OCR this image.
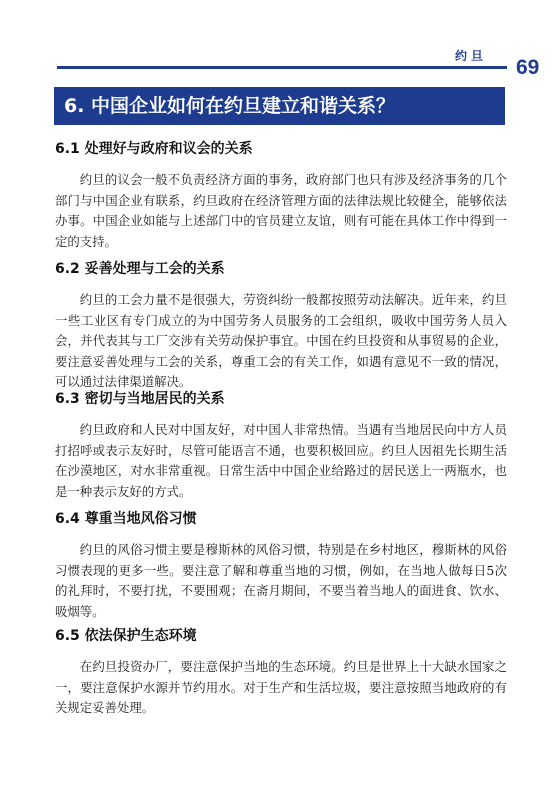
约旦 69
6. 中国企业如何在约旦建立和谐关系？
6.1 处理好与政府和议会的关系

约旦的议会一般不负责经济方面的事务，政府部门也只有涉及经济事务的几个部门与中国企业有联系，约旦政府在经济管理方面的法律法规比较健全，能够依法办事。中国企业如能与上述部门中的官员建立友谊，则有可能在具体工作中得到一定的支持。

6.2 妥善处理与工会的关系

约旦的工会力量不是很强大，劳资纠纷一般都按照劳动法解决。近年来，约旦一些工业区有专门成立的为中国劳务人员服务的工会组织，吸收中国劳务人员入会，并代表其与工厂交涉有关劳动保护事宜。中国在约旦投资和从事贸易的企业，要注意妥善处理与工会的关系，尊重工会的有关工作，如遇有意见不一致的情况，可以通过法律渠道解决。

6.3 密切与当地居民的关系

约旦政府和人民对中国友好，对中国人非常热情。当遇有当地居民向中方人员打招呼或表示友好时，尽管可能语言不通，也要积极回应。约旦人因祖先长期生活在沙漠地区，对水非常重视。日常生活中中国企业给路过的居民送上一两瓶水，也是一种表示友好的方式。

6.4 尊重当地风俗习惯

约旦的风俗习惯主要是穆斯林的风俗习惯，特别是在乡村地区，穆斯林的风俗习惯表现的更多一些。要注意了解和尊重当地的习惯，例如，在当地人做每日5次的礼拜时，不要打扰，不要围观；在斋月期间，不要当着当地人的面进食、饮水、吸烟等。

6.5 依法保护生态环境

在约旦投资办厂，要注意保护当地的生态环境。约旦是世界上十大缺水国家之一，要注意保护水源并节约用水。对于生产和生活垃圾，要注意按照当地政府的有关规定妥善处理。
